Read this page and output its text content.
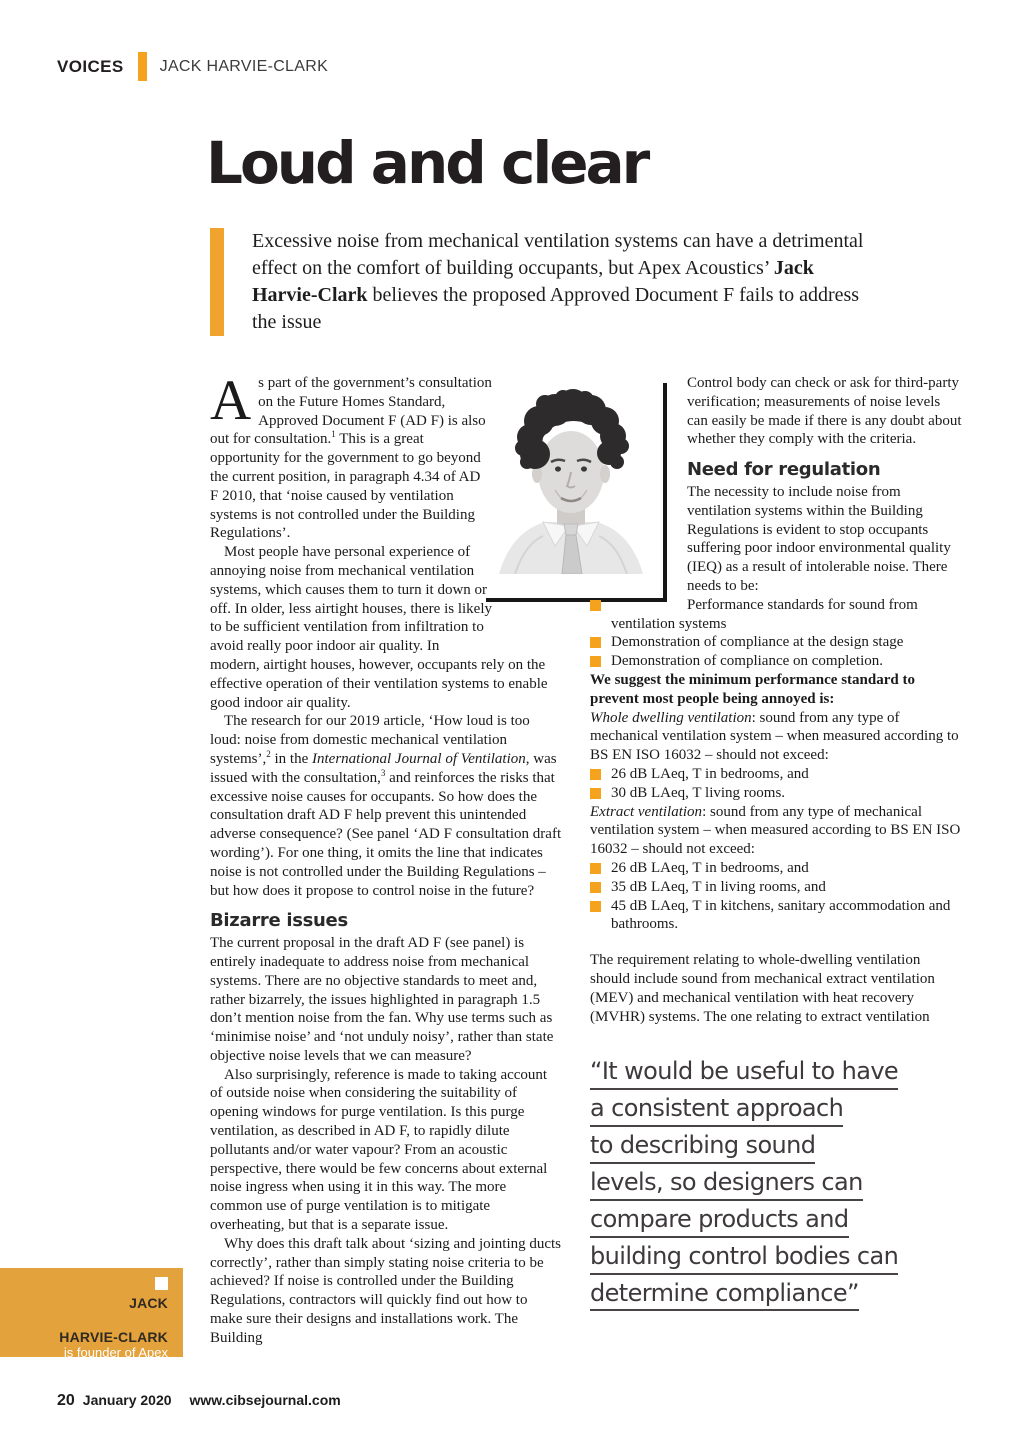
VOICES JACK HARVIE-CLARK
Loud and clear

Excessive noise from mechanical ventilation systems can have a detrimental effect on the comfort of building occupants, but Apex Acoustics’ Jack Harvie-Clark believes the proposed Approved Document F fails to address the issue

As part of the government’s consultation on the Future Homes Standard, Approved Document F (AD F) is also out for consultation.$^1$ This is a great opportunity for the government to go beyond the current position, in paragraph 4.34 of AD F 2010, that ‘noise caused by ventilation systems is not controlled under the Building Regulations’.

Most people have personal experience of annoying noise from mechanical ventilation systems, which causes them to turn it down or off. In older, less airtight houses, there is likely to be sufficient ventilation from infiltration to avoid really poor indoor air quality. In modern, airtight houses, however, occupants rely on the effective operation of their ventilation systems to enable good indoor air quality.

The research for our 2019 article, ‘How loud is too loud: noise from domestic mechanical ventilation systems’,$^2$ in the International Journal of Ventilation, was issued with the consultation,$^3$ and reinforces the risks that excessive noise causes for occupants. So how does the consultation draft AD F help prevent this unintended adverse consequence? (See panel ‘AD F consultation draft wording’). For one thing, it omits the line that indicates noise is not controlled under the Building Regulations – but how does it propose to control noise in the future?

Bizarre issues

The current proposal in the draft AD F (see panel) is entirely inadequate to address noise from mechanical systems. There are no objective standards to meet and, rather bizarrely, the issues highlighted in paragraph 1.5 don’t mention noise from the fan. Why use terms such as ‘minimise noise’ and ‘not unduly noisy’, rather than state objective noise levels that we can measure?

Also surprisingly, reference is made to taking account of outside noise when considering the suitability of opening windows for purge ventilation. Is this purge ventilation, as described in AD F, to rapidly dilute pollutants and/or water vapour? From an acoustic perspective, there would be few concerns about external noise ingress when using it in this way. The more common use of purge ventilation is to mitigate overheating, but that is a separate issue.

Why does this draft talk about ‘sizing and jointing ducts correctly’, rather than simply stating noise criteria to be achieved? If noise is controlled under the Building Regulations, contractors will quickly find out how to make sure their designs and installations work. The Building

Control body can check or ask for third-party verification; measurements of noise levels can easily be made if there is any doubt about whether they comply with the criteria.

Need for regulation

The necessity to include noise from ventilation systems within the Building Regulations is evident to stop occupants suffering poor indoor environmental quality (IEQ) as a result of intolerable noise. There needs to be:

Performance standards for sound from ventilation systems
Demonstration of compliance at the design stage
Demonstration of compliance on completion.

We suggest the minimum performance standard to prevent most people being annoyed is:

Whole dwelling ventilation: sound from any type of mechanical ventilation system – when measured according to BS EN ISO 16032 – should not exceed:

26 dB LAeq, T in bedrooms, and
30 dB LAeq, T living rooms.

Extract ventilation: sound from any type of mechanical ventilation system – when measured according to BS EN ISO 16032 – should not exceed:

26 dB LAeq, T in bedrooms, and
35 dB LAeq, T in living rooms, and
45 dB LAeq, T in kitchens, sanitary accommodation and bathrooms.

The requirement relating to whole-dwelling ventilation should include sound from mechanical extract ventilation (MEV) and mechanical ventilation with heat recovery (MVHR) systems. The one relating to extract ventilation

“It would be useful to have
a consistent approach
to describing sound
levels, so designers can
compare products and
building control bodies can
determine compliance”
JACK
HARVIE-CLARK
is founder of Apex
Acoustics
20 January 2020 www.cibsejournal.com
